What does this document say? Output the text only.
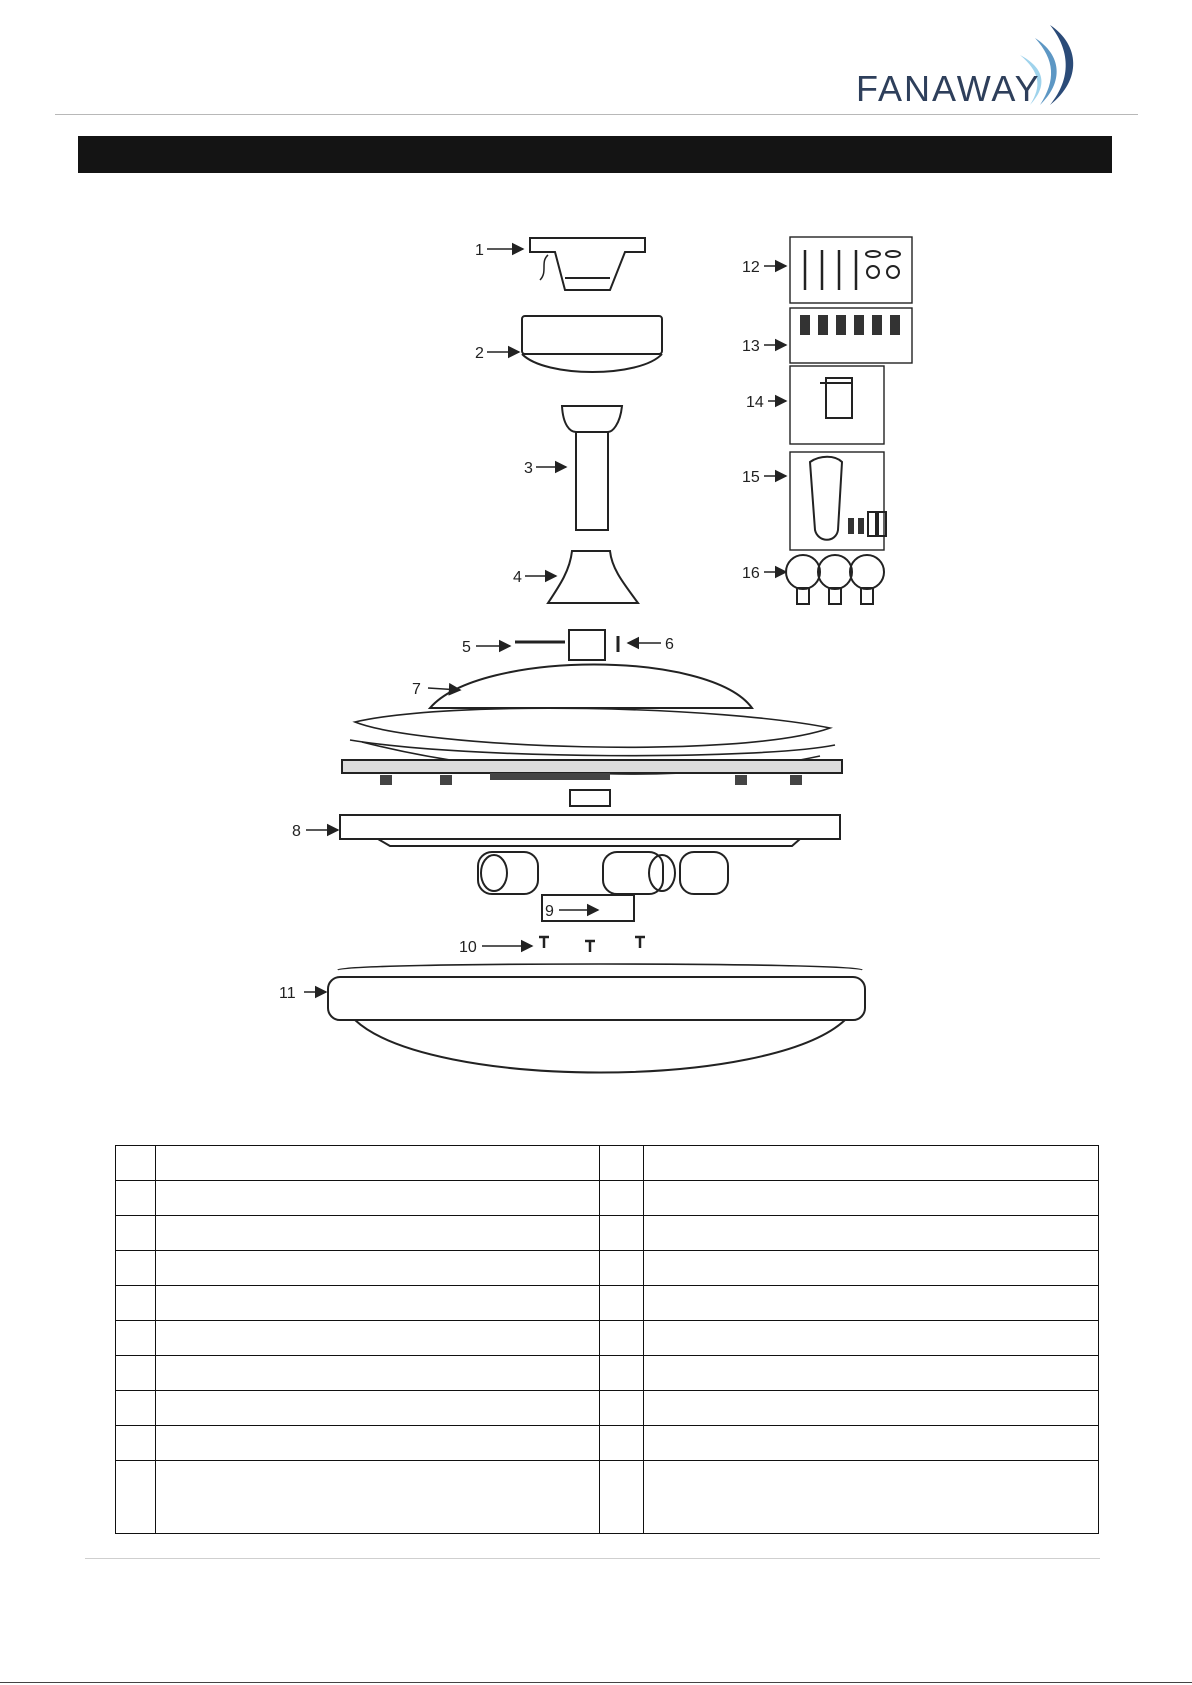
FANAWAY
1
2
3
4
5	6
7
8
9
10
11
12
13
14
15
16
